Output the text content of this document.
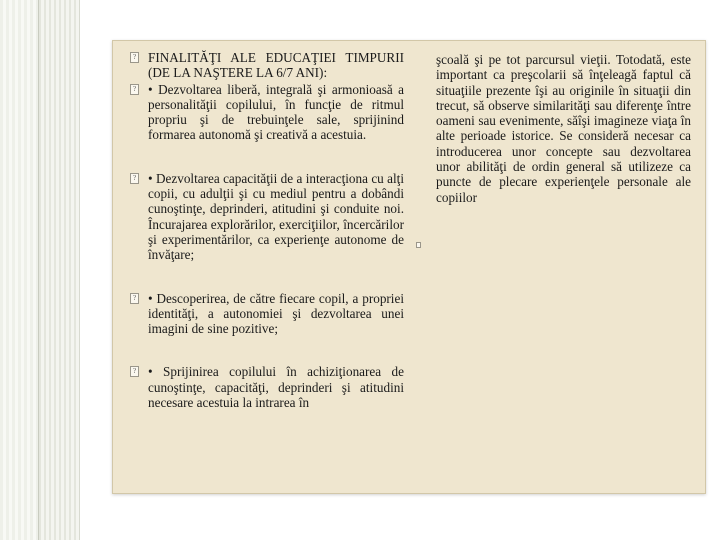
? FINALITĂŢI ALE EDUCAŢIEI TIMPURII (DE LA NAŞTERE LA 6/7 ANI):
? • Dezvoltarea liberă, integrală şi armonioasă a personalităţii copilului, în funcţie de ritmul propriu şi de trebuinţele sale, sprijinind formarea autonomă şi creativă a acestuia.
? • Dezvoltarea capacităţii de a interacţiona cu alţi copii, cu adulţii şi cu mediul pentru a dobândi cunoştinţe, deprinderi, atitudini şi conduite noi. Încurajarea explorărilor, exerciţiilor, încercărilor şi experimentărilor, ca experienţe autonome de învăţare;
? • Descoperirea, de către fiecare copil, a propriei identităţi, a autonomiei şi dezvoltarea unei imagini de sine pozitive;
? • Sprijinirea copilului în achiziţionarea de cunoştinţe, capacităţi, deprinderi şi atitudini necesare acestuia la intrarea în
şcoală şi pe tot parcursul vieţii. Totodată, este important ca preşcolarii să înţeleagă faptul că situaţiile prezente îşi au originile în situaţii din trecut, să observe similarităţi sau diferenţe între oameni sau evenimente, săîşi imagineze viaţa în alte perioade istorice. Se consideră necesar ca introducerea unor concepte sau dezvoltarea unor abilităţi de ordin general să utilizeze ca puncte de plecare experienţele personale ale copiilor
